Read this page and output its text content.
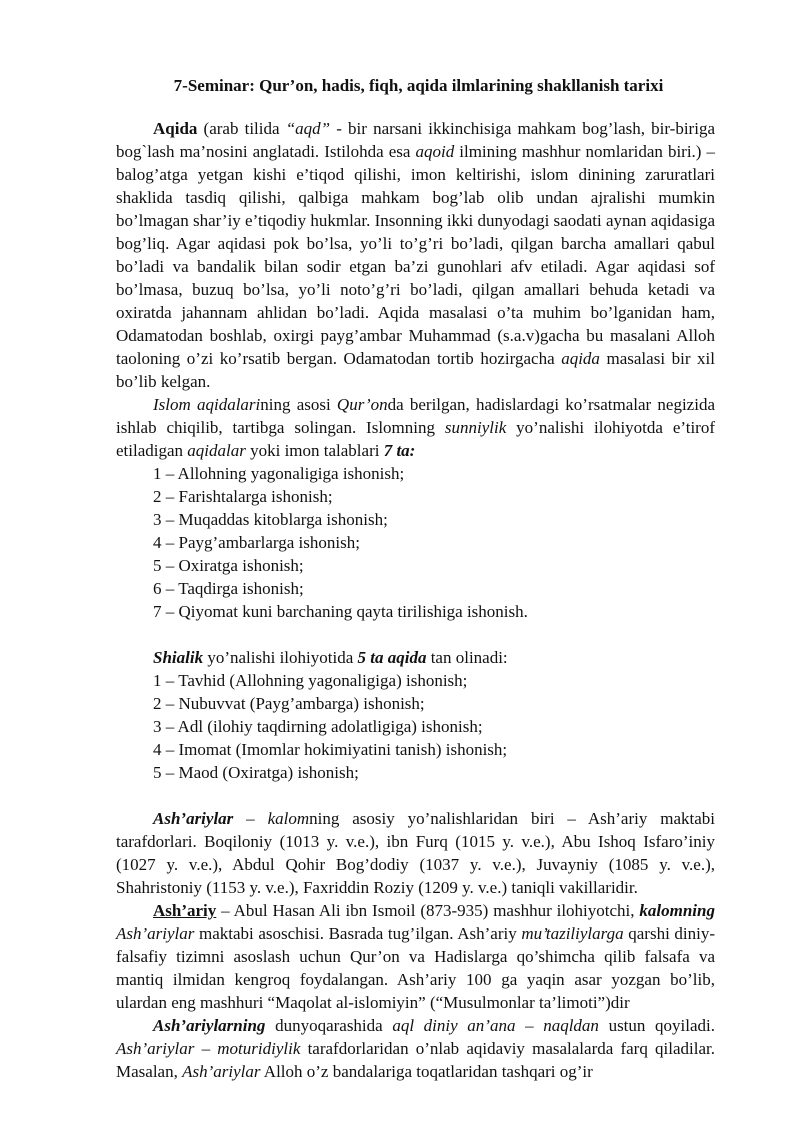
7-Seminar: Qur’on, hadis, fiqh, aqida ilmlarining shakllanish tarixi

Aqida (arab tilida “aqd” - bir narsani ikkinchisiga mahkam bog’lash, bir-biriga bog`lash ma’nosini anglatadi. Istilohda esa aqoid ilmining mashhur nomlaridan biri.) – balog’atga yetgan kishi e’tiqod qilishi, imon keltirishi, islom dinining zaruratlari shaklida tasdiq qilishi, qalbiga mahkam bog’lab olib undan ajralishi mumkin bo’lmagan shar’iy e’tiqodiy hukmlar. Insonning ikki dunyodagi saodati aynan aqidasiga bog’liq. Agar aqidasi pok bo’lsa, yo’li to’g’ri bo’ladi, qilgan barcha amallari qabul bo’ladi va bandalik bilan sodir etgan ba’zi gunohlari afv etiladi. Agar aqidasi sof bo’lmasa, buzuq bo’lsa, yo’li noto’g’ri bo’ladi, qilgan amallari behuda ketadi va oxiratda jahannam ahlidan bo’ladi. Aqida masalasi o’ta muhim bo’lganidan ham, Odamatodan boshlab, oxirgi payg’ambar Muhammad (s.a.v)gacha bu masalani Alloh taoloning o’zi ko’rsatib bergan. Odamatodan tortib hozirgacha aqida masalasi bir xil bo’lib kelgan.

Islom aqidalarining asosi Qur’onda berilgan, hadislardagi ko’rsatmalar negizida ishlab chiqilib, tartibga solingan. Islomning sunniylik yo’nalishi ilohiyotda e’tirof etiladigan aqidalar yoki imon talablari 7 ta:

1 – Allohning yagonaligiga ishonish;
2 – Farishtalarga ishonish;
3 – Muqaddas kitoblarga ishonish;
4 – Payg’ambarlarga ishonish;
5 – Oxiratga ishonish;
6 – Taqdirga ishonish;
7 – Qiyomat kuni barchaning qayta tirilishiga ishonish.

Shialik yo’nalishi ilohiyotida 5 ta aqida tan olinadi:

1 – Tavhid (Allohning yagonaligiga) ishonish;
2 – Nubuvvat (Payg’ambarga) ishonish;
3 – Adl (ilohiy taqdirning adolatligiga) ishonish;
4 – Imomat (Imomlar hokimiyatini tanish) ishonish;
5 – Maod (Oxiratga) ishonish;

Ash’ariylar – kalomning asosiy yo’nalishlaridan biri – Ash’ariy maktabi tarafdorlari. Boqiloniy (1013 y. v.e.), ibn Furq (1015 y. v.e.), Abu Ishoq Isfaro’iniy (1027 y. v.e.), Abdul Qohir Bog’dodiy (1037 y. v.e.), Juvayniy (1085 y. v.e.), Shahristoniy (1153 y. v.e.), Faxriddin Roziy (1209 y. v.e.) taniqli vakillaridir.

Ash’ariy – Abul Hasan Ali ibn Ismoil (873-935) mashhur ilohiyotchi, kalomning Ash’ariylar maktabi asoschisi. Basrada tug’ilgan. Ash’ariy mu’taziliylarga qarshi diniy-falsafiy tizimni asoslash uchun Qur’on va Hadislarga qo’shimcha qilib falsafa va mantiq ilmidan kengroq foydalangan. Ash’ariy 100 ga yaqin asar yozgan bo’lib, ulardan eng mashhuri “Maqolat al-islomiyin” (“Musulmonlar ta’limoti”)dir

Ash’ariylarning dunyoqarashida aql diniy an’ana – naqldan ustun qoyiladi. Ash’ariylar – moturidiylik tarafdorlaridan o’nlab aqidaviy masalalarda farq qiladilar. Masalan, Ash’ariylar Alloh o’z bandalariga toqatlaridan tashqari og’ir
